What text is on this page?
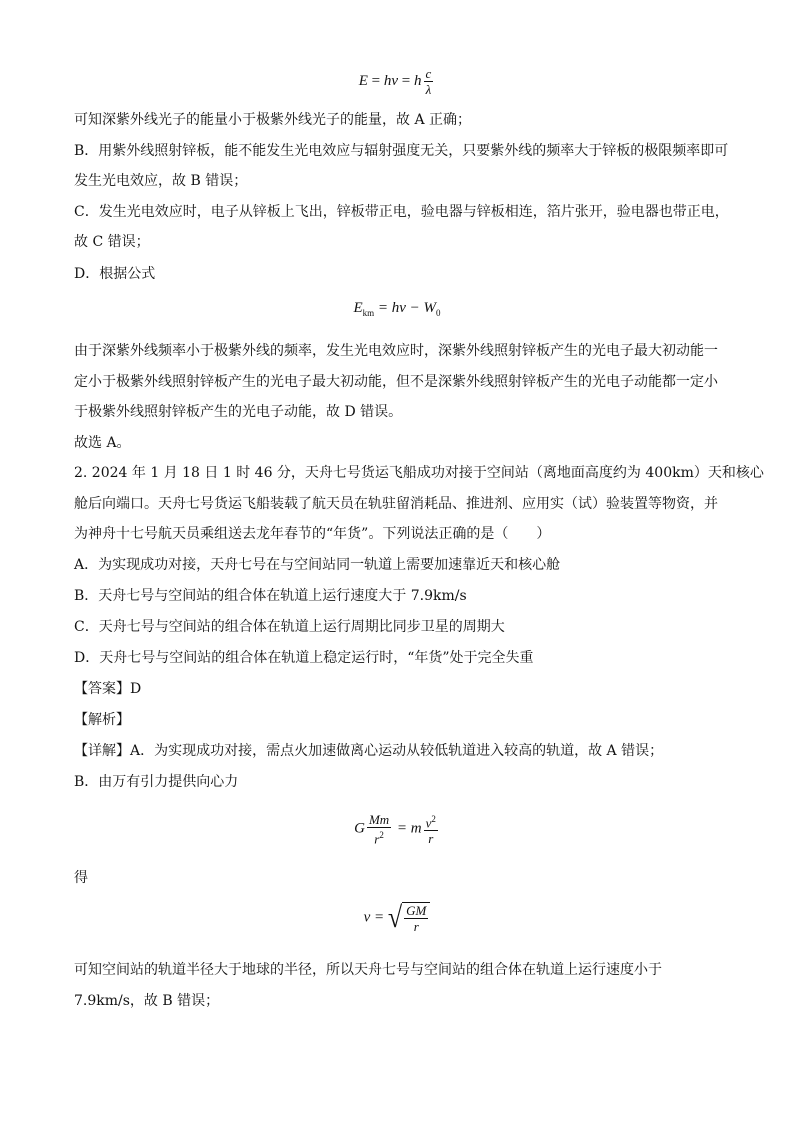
E = hν = h $\frac{c}{\lambda}$
可知深紫外线光子的能量小于极紫外线光子的能量，故 A 正确；
B．用紫外线照射锌板，能不能发生光电效应与辐射强度无关，只要紫外线的频率大于锌板的极限频率即可
发生光电效应，故 B 错误；
C．发生光电效应时，电子从锌板上飞出，锌板带正电，验电器与锌板相连，箔片张开，验电器也带正电，
故 C 错误；
D．根据公式
$E_{km} = h\nu - W_0$
由于深紫外线频率小于极紫外线的频率，发生光电效应时，深紫外线照射锌板产生的光电子最大初动能一
定小于极紫外线照射锌板产生的光电子最大初动能，但不是深紫外线照射锌板产生的光电子动能都一定小
于极紫外线照射锌板产生的光电子动能，故 D 错误。
故选 A。
2. 2024 年 1 月 18 日 1 时 46 分，天舟七号货运飞船成功对接于空间站（离地面高度约为 400km）天和核心
舱后向端口。天舟七号货运飞船装载了航天员在轨驻留消耗品、推进剂、应用实（试）验装置等物资，并
为神舟十七号航天员乘组送去龙年春节的“年货”。下列说法正确的是（　　）
A．为实现成功对接，天舟七号在与空间站同一轨道上需要加速靠近天和核心舱
B．天舟七号与空间站的组合体在轨道上运行速度大于 7.9km/s
C．天舟七号与空间站的组合体在轨道上运行周期比同步卫星的周期大
D．天舟七号与空间站的组合体在轨道上稳定运行时，“年货”处于完全失重
【答案】D
【解析】
【详解】A．为实现成功对接，需点火加速做离心运动从较低轨道进入较高的轨道，故 A 错误；
B．由万有引力提供向心力
G $\frac{Mm}{r^2} = m \frac{v^2}{r}$
得
v = √ $\frac{GM}{r}$
可知空间站的轨道半径大于地球的半径，所以天舟七号与空间站的组合体在轨道上运行速度小于
7.9km/s，故 B 错误；
